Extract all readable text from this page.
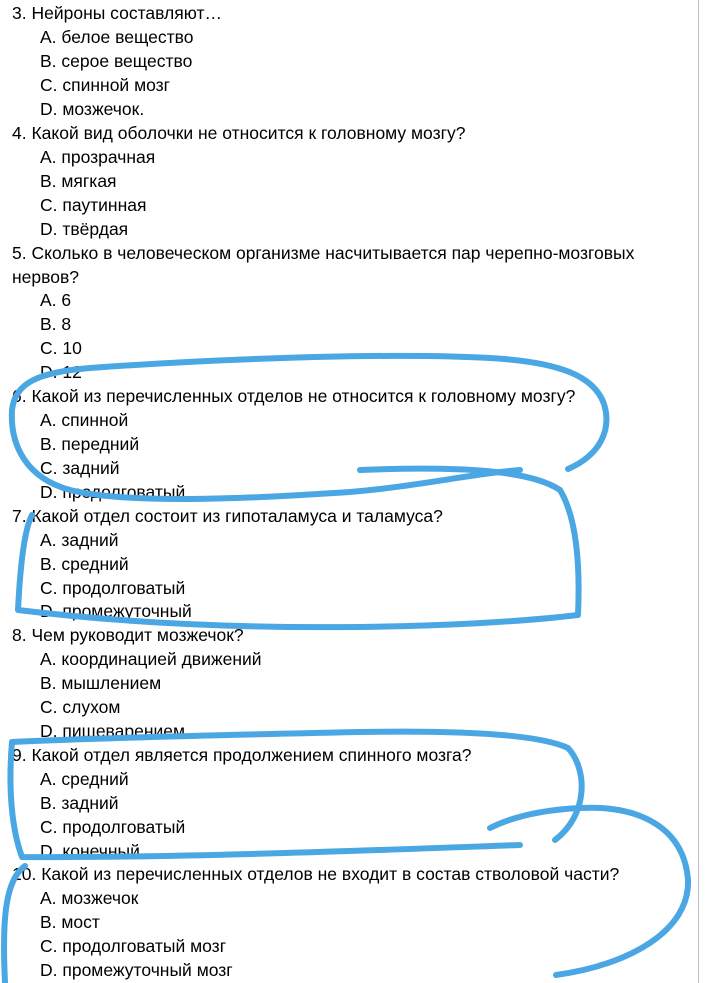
3. Нейроны составляют…

A. белое вещество

B. серое вещество

C. спинной мозг

D. мозжечок.

4. Какой вид оболочки не относится к головному мозгу?

A. прозрачная

B. мягкая

C. паутинная

D. твёрдая

5. Сколько в человеческом организме насчитывается пар черепно-мозговых

нервов?

A. 6

B. 8

C. 10

D. 12

6. Какой из перечисленных отделов не относится к головному мозгу?

A. спинной

B. передний

C. задний

D. продолговатый

7. Какой отдел состоит из гипоталамуса и таламуса?

A. задний

B. средний

C. продолговатый

D. промежуточный

8. Чем руководит мозжечок?

A. координацией движений

B. мышлением

C. слухом

D. пищеварением

9. Какой отдел является продолжением спинного мозга?

A. средний

B. задний

C. продолговатый

D. конечный

10. Какой из перечисленных отделов не входит в состав стволовой части?

A. мозжечок

B. мост

C. продолговатый мозг

D. промежуточный мозг
